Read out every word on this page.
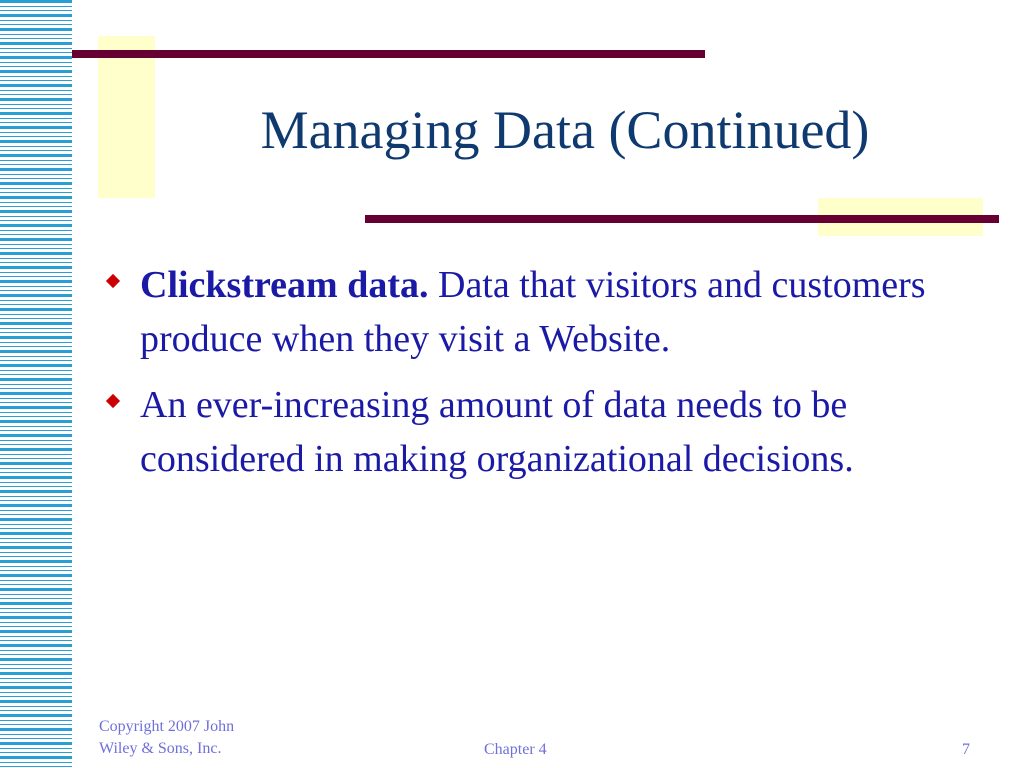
Managing Data (Continued)
Clickstream data. Data that visitors and customers produce when they visit a Website.
An ever-increasing amount of data needs to be considered in making organizational decisions.
Copyright 2007 John
Wiley & Sons, Inc.	Chapter 4	7
